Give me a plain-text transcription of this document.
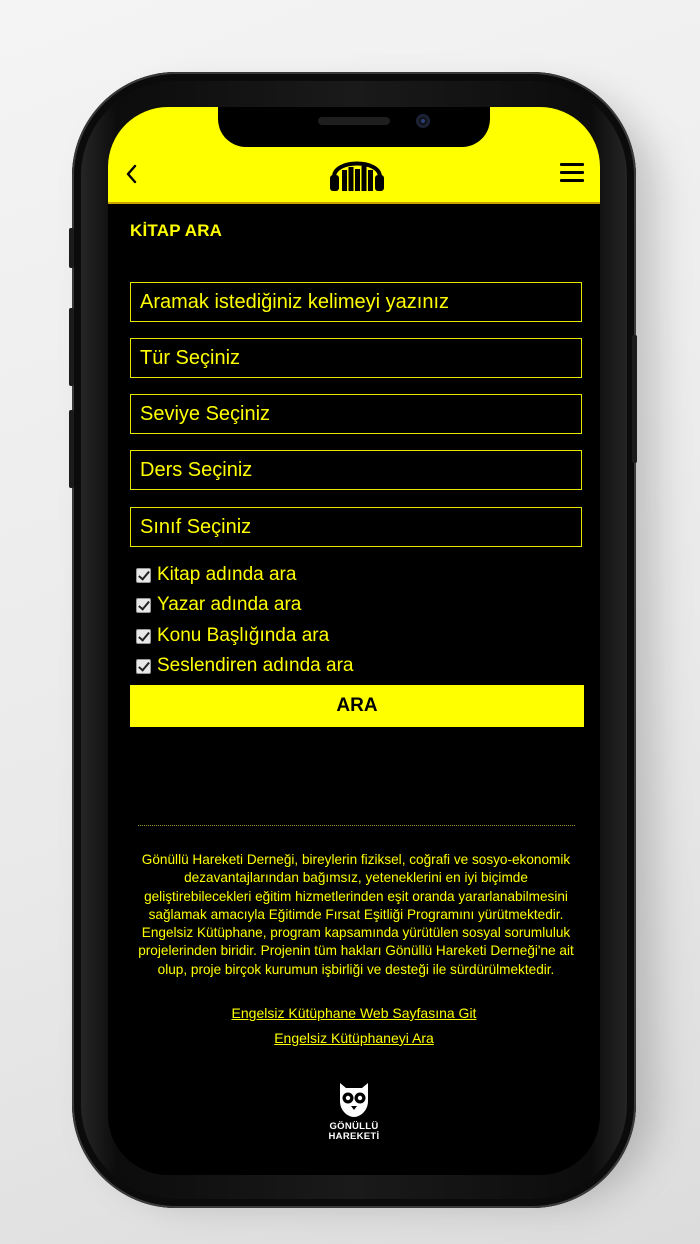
KİTAP ARA
Aramak istediğiniz kelimeyi yazınız
Tür Seçiniz
Seviye Seçiniz
Ders Seçiniz
Sınıf Seçiniz
Kitap adında ara
Yazar adında ara
Konu Başlığında ara
Seslendiren adında ara
ARA
Gönüllü Hareketi Derneği, bireylerin fiziksel, coğrafi ve sosyo-ekonomik dezavantajlarından bağımsız, yeteneklerini en iyi biçimde geliştirebilecekleri eğitim hizmetlerinden eşit oranda yararlanabilmesini sağlamak amacıyla Eğitimde Fırsat Eşitliği Programını yürütmektedir. Engelsiz Kütüphane, program kapsamında yürütülen sosyal sorumluluk projelerinden biridir. Projenin tüm hakları Gönüllü Hareketi Derneği'ne ait olup, proje birçok kurumun işbirliği ve desteği ile sürdürülmektedir.
Engelsiz Kütüphane Web Sayfasına Git
Engelsiz Kütüphaneyi Ara
GÖNÜLLÜ
HAREKETİ
